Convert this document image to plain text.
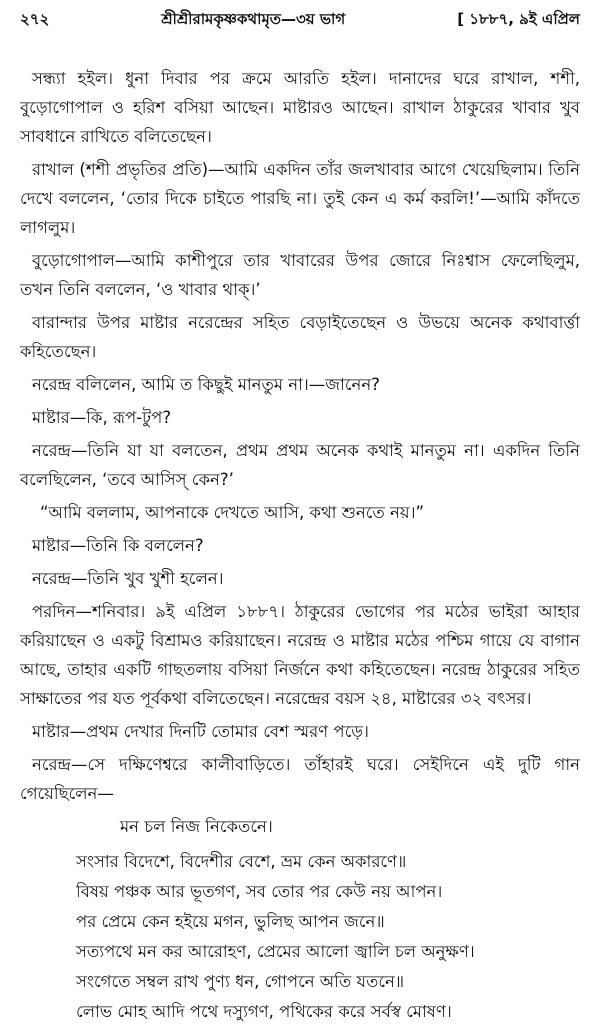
২৭২	শ্রীশ্রীরামকৃষ্ণকথামৃত—৩য় ভাগ	[ ১৮৮৭, ৯ই এপ্রিল

সন্ধ্যা হইল। ধুনা দিবার পর ক্রমে আরতি হইল। দানাদের ঘরে রাখাল, শশী, বুড়োগোপাল ও হরিশ বসিয়া আছেন। মাষ্টারও আছেন। রাখাল ঠাকুরের খাবার খুব সাবধানে রাখিতে বলিতেছেন।

রাখাল (শশী প্রভৃতির প্রতি)—আমি একদিন তাঁর জলখাবার আগে খেয়েছিলাম। তিনি দেখে বললেন, ‘তোর দিকে চাইতে পারছি না। তুই কেন এ কর্ম করলি!’—আমি কাঁদতে লাগলুম।

বুড়োগোপাল—আমি কাশীপুরে তার খাবারের উপর জোরে নিঃশ্বাস ফেলেছিলুম, তখন তিনি বললেন, ‘ও খাবার থাক্।’

বারান্দার উপর মাষ্টার নরেন্দ্রের সহিত বেড়াইতেছেন ও উভয়ে অনেক কথাবার্ত্তা কহিতেছেন।

নরেন্দ্র বলিলেন, আমি ত কিছুই মানতুম না।—জানেন?

মাষ্টার—কি, রূপ-টুপ?

নরেন্দ্র—তিনি যা যা বলতেন, প্রথম প্রথম অনেক কথাই মানতুম না। একদিন তিনি বলেছিলেন, ‘তবে আসিস্ কেন?’

“আমি বললাম, আপনাকে দেখতে আসি, কথা শুনতে নয়।”

মাষ্টার—তিনি কি বললেন?

নরেন্দ্র—তিনি খুব খুশী হলেন।

পরদিন—শনিবার। ৯ই এপ্রিল ১৮৮৭। ঠাকুরের ভোগের পর মঠের ভাইরা আহার করিয়াছেন ও একটু বিশ্রামও করিয়াছেন। নরেন্দ্র ও মাষ্টার মঠের পশ্চিম গায়ে যে বাগান আছে, তাহার একটি গাছতলায় বসিয়া নির্জনে কথা কহিতেছেন। নরেন্দ্র ঠাকুরের সহিত সাক্ষাতের পর যত পূর্বকথা বলিতেছেন। নরেন্দ্রের বয়স ২৪, মাষ্টারের ৩২ বৎসর।

মাষ্টার—প্রথম দেখার দিনটি তোমার বেশ স্মরণ পড়ে।

নরেন্দ্র—সে দক্ষিণেশ্বরে কালীবাড়িতে। তাঁহারই ঘরে। সেইদিনে এই দুটি গান গেয়েছিলেন—

মন চল নিজ নিকেতনে।

সংসার বিদেশে, বিদেশীর বেশে, ভ্রম কেন অকারণে॥

বিষয় পঞ্চক আর ভূতগণ, সব তোর পর কেউ নয় আপন।

পর প্রেমে কেন হইয়ে মগন, ভুলিছ আপন জনে॥

সত্যপথে মন কর আরোহণ, প্রেমের আলো জ্বালি চল অনুক্ষণ।

সংগেতে সম্বল রাখ পুণ্য ধন, গোপনে অতি যতনে॥

লোভ মোহ আদি পথে দস্যুগণ, পথিকের করে সর্বস্ব মোষণ।
